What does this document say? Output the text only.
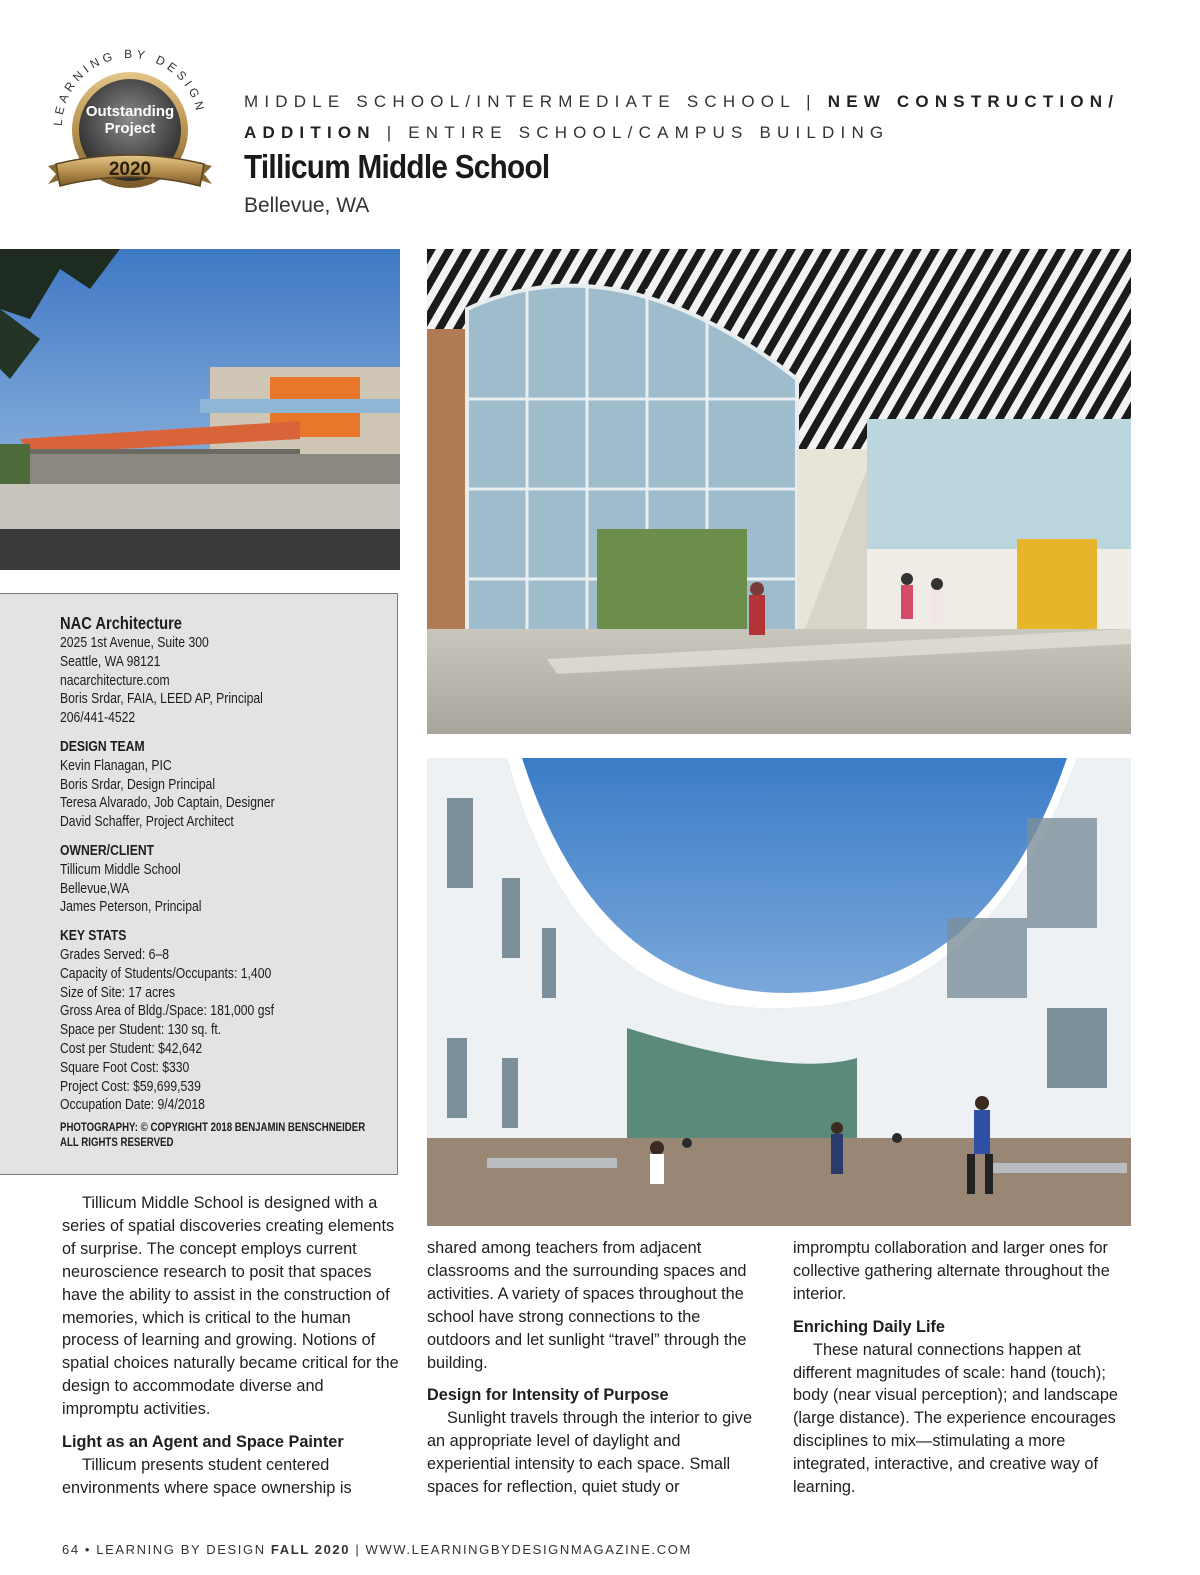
LEARNING BY DESIGN
Outstanding
Project
2020
MIDDLE SCHOOL/INTERMEDIATE SCHOOL | NEW CONSTRUCTION/
ADDITION | ENTIRE SCHOOL/CAMPUS BUILDING
Tillicum Middle School
Bellevue, WA
NAC Architecture
2025 1st Avenue, Suite 300
Seattle, WA 98121
nacarchitecture.com
Boris Srdar, FAIA, LEED AP, Principal
206/441-4522
DESIGN TEAM
Kevin Flanagan, PIC
Boris Srdar, Design Principal
Teresa Alvarado, Job Captain, Designer
David Schaffer, Project Architect
OWNER/CLIENT
Tillicum Middle School
Bellevue,WA
James Peterson, Principal
KEY STATS
Grades Served: 6–8
Capacity of Students/Occupants: 1,400
Size of Site: 17 acres
Gross Area of Bldg./Space: 181,000 gsf
Space per Student: 130 sq. ft.
Cost per Student: $42,642
Square Foot Cost: $330
Project Cost: $59,699,539
Occupation Date: 9/4/2018
PHOTOGRAPHY: © COPYRIGHT 2018 BENJAMIN BENSCHNEIDER
ALL RIGHTS RESERVED

Tillicum Middle School is designed with a series of spatial discoveries creating elements of surprise. The concept employs current neuroscience research to posit that spaces have the ability to assist in the construction of memories, which is critical to the human process of learning and growing. Notions of spatial choices naturally became critical for the design to accommodate diverse and impromptu activities.

Light as an Agent and Space Painter

Tillicum presents student centered environments where space ownership is

shared among teachers from adjacent classrooms and the surrounding spaces and activities. A variety of spaces throughout the school have strong connections to the outdoors and let sunlight “travel” through the building.

Design for Intensity of Purpose

Sunlight travels through the interior to give an appropriate level of daylight and experiential intensity to each space. Small spaces for reflection, quiet study or

impromptu collaboration and larger ones for collective gathering alternate throughout the interior.

Enriching Daily Life

These natural connections happen at different magnitudes of scale: hand (touch); body (near visual perception); and landscape (large distance). The experience encourages disciplines to mix—stimulating a more integrated, interactive, and creative way of learning.

64 • LEARNING BY DESIGN FALL 2020 | WWW.LEARNINGBYDESIGNMAGAZINE.COM
